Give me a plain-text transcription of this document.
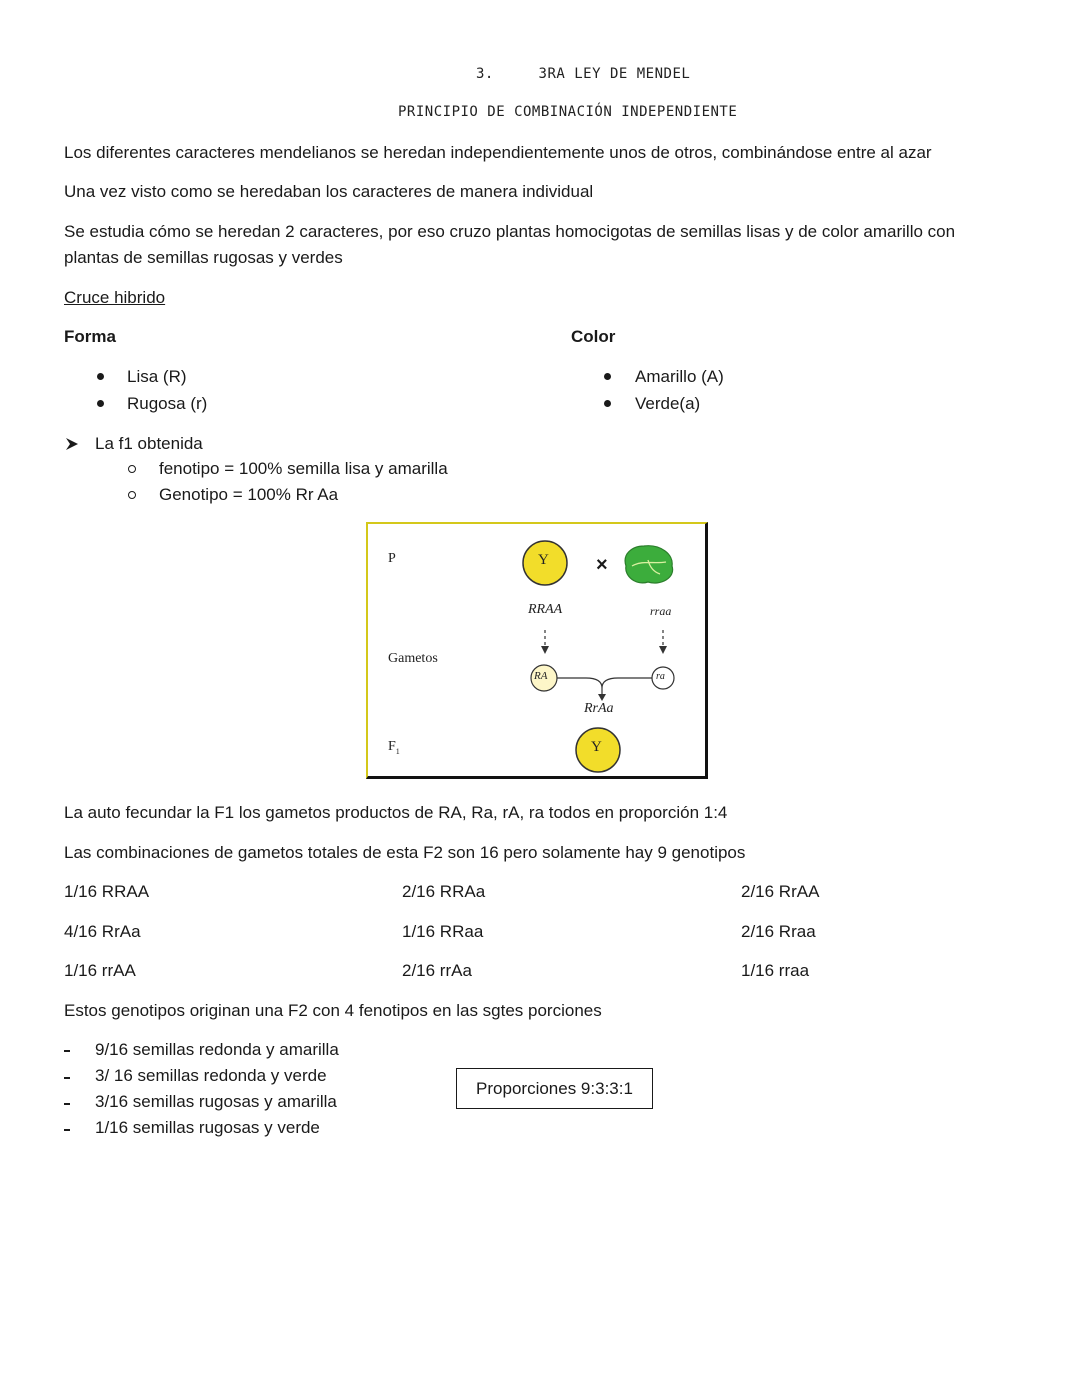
3.	3RA LEY DE MENDEL
PRINCIPIO DE COMBINACIÓN INDEPENDIENTE
Los diferentes caracteres mendelianos se heredan independientemente unos de otros, combinándose entre al azar
Una vez visto como se heredaban los caracteres de manera individual
Se estudia cómo se heredan 2 caracteres, por eso cruzo plantas homocigotas de semillas lisas y de color amarillo con
plantas de semillas rugosas y verdes
Cruce hibrido
Forma	Color
Lisa (R)
Rugosa (r)
Amarillo (A)
Verde(a)
La f1 obtenida
fenotipo = 100% semilla lisa y amarilla
Genotipo = 100% Rr Aa
P
Gametos
$F_1$
Y ×
RRAA	rraa
RA	ra
RrAa
Y
La auto fecundar la F1 los gametos productos de RA, Ra, rA, ra todos en proporción 1:4
Las combinaciones de gametos totales de esta F2 son 16 pero solamente hay 9 genotipos
1/16 RRAA	2/16 RRAa	2/16 RrAA
4/16 RrAa	1/16 RRaa	2/16 Rraa
1/16 rrAA	2/16 rrAa	1/16 rraa
Estos genotipos originan una F2 con 4 fenotipos en las sgtes porciones
9/16 semillas redonda y amarilla
3/ 16 semillas redonda y verde
3/16 semillas rugosas y amarilla
1/16 semillas rugosas y verde
Proporciones 9:3:3:1
